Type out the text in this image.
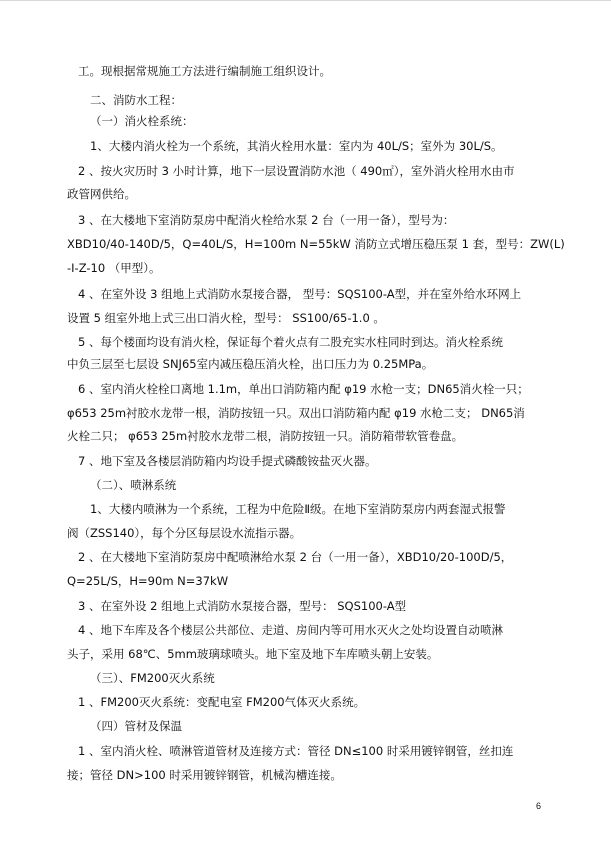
工。现根据常规施工方法进行编制施工组织设计。
二、消防水工程：
（一）消火栓系统：
1、大楼内消火栓为一个系统，其消火栓用水量：室内为 40L/S；室外为 30L/S。
2 、按火灾历时 3 小时计算，地下一层设置消防水池（ 490㎡），室外消火栓用水由市
政管网供给。
3 、在大楼地下室消防泵房中配消火栓给水泵 2 台（一用一备），型号为：
XBD10/40-140D/5，Q=40L/S，H=100m N=55kW 消防立式增压稳压泵 1 套，型号：ZW(L)
-I-Z-10 （甲型）。
4 、在室外设 3 组地上式消防水泵接合器， 型号：SQS100-A型，并在室外给水环网上
设置 5 组室外地上式三出口消火栓，型号： SS100/65-1.0 。
5 、每个楼面均设有消火栓，保证每个着火点有二股充实水柱同时到达。消火栓系统
中负三层至七层设 SNJ65室内减压稳压消火栓，出口压力为 0.25MPa。
6 、室内消火栓栓口离地 1.1m，单出口消防箱内配 φ19 水枪一支；DN65消火栓一只；
φ653 25m衬胶水龙带一根，消防按钮一只。双出口消防箱内配 φ19 水枪二支； DN65消
火栓二只； φ653 25m衬胶水龙带二根，消防按钮一只。消防箱带软管卷盘。
7 、地下室及各楼层消防箱内均设手提式磷酸铵盐灭火器。
（二）、喷淋系统
1、大楼内喷淋为一个系统，工程为中危险Ⅱ级。在地下室消防泵房内两套湿式报警
阀（ZSS140），每个分区每层设水流指示器。
2 、在大楼地下室消防泵房中配喷淋给水泵 2 台（一用一备），XBD10/20-100D/5，
Q=25L/S，H=90m N=37kW
3 、在室外设 2 组地上式消防水泵接合器，型号： SQS100-A型
4 、地下车库及各个楼层公共部位、走道、房间内等可用水灭火之处均设置自动喷淋
头子，采用 68℃、5mm玻璃球喷头。地下室及地下车库喷头朝上安装。
（三）、FM200灭火系统
1 、FM200灭火系统：变配电室 FM200气体灭火系统。
（四）管材及保温
1 、室内消火栓、喷淋管道管材及连接方式：管径 DN≤100 时采用镀锌钢管，丝扣连
接；管径 DN>100 时采用镀锌钢管，机械沟槽连接。
6
